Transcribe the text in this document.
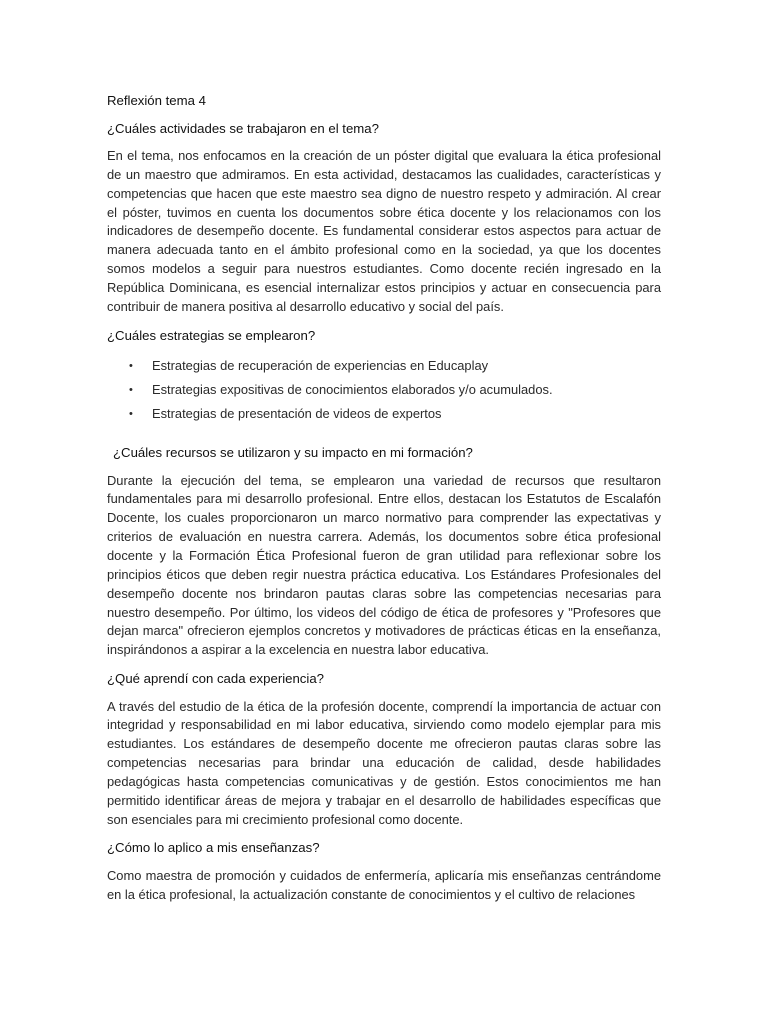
Reflexión tema 4

¿Cuáles actividades se trabajaron en el tema?

En el tema, nos enfocamos en la creación de un póster digital que evaluara la ética profesional de un maestro que admiramos. En esta actividad, destacamos las cualidades, características y competencias que hacen que este maestro sea digno de nuestro respeto y admiración. Al crear el póster, tuvimos en cuenta los documentos sobre ética docente y los relacionamos con los indicadores de desempeño docente. Es fundamental considerar estos aspectos para actuar de manera adecuada tanto en el ámbito profesional como en la sociedad, ya que los docentes somos modelos a seguir para nuestros estudiantes. Como docente recién ingresado en la República Dominicana, es esencial internalizar estos principios y actuar en consecuencia para contribuir de manera positiva al desarrollo educativo y social del país.

¿Cuáles estrategias se emplearon?

• Estrategias de recuperación de experiencias en Educaplay
• Estrategias expositivas de conocimientos elaborados y/o acumulados.
• Estrategias de presentación de videos de expertos

¿Cuáles recursos se utilizaron y su impacto en mi formación?

Durante la ejecución del tema, se emplearon una variedad de recursos que resultaron fundamentales para mi desarrollo profesional. Entre ellos, destacan los Estatutos de Escalafón Docente, los cuales proporcionaron un marco normativo para comprender las expectativas y criterios de evaluación en nuestra carrera. Además, los documentos sobre ética profesional docente y la Formación Ética Profesional fueron de gran utilidad para reflexionar sobre los principios éticos que deben regir nuestra práctica educativa. Los Estándares Profesionales del desempeño docente nos brindaron pautas claras sobre las competencias necesarias para nuestro desempeño. Por último, los videos del código de ética de profesores y "Profesores que dejan marca" ofrecieron ejemplos concretos y motivadores de prácticas éticas en la enseñanza, inspirándonos a aspirar a la excelencia en nuestra labor educativa.

¿Qué aprendí con cada experiencia?

A través del estudio de la ética de la profesión docente, comprendí la importancia de actuar con integridad y responsabilidad en mi labor educativa, sirviendo como modelo ejemplar para mis estudiantes. Los estándares de desempeño docente me ofrecieron pautas claras sobre las competencias necesarias para brindar una educación de calidad, desde habilidades pedagógicas hasta competencias comunicativas y de gestión. Estos conocimientos me han permitido identificar áreas de mejora y trabajar en el desarrollo de habilidades específicas que son esenciales para mi crecimiento profesional como docente.

¿Cómo lo aplico a mis enseñanzas?

Como maestra de promoción y cuidados de enfermería, aplicaría mis enseñanzas centrándome en la ética profesional, la actualización constante de conocimientos y el cultivo de relaciones
